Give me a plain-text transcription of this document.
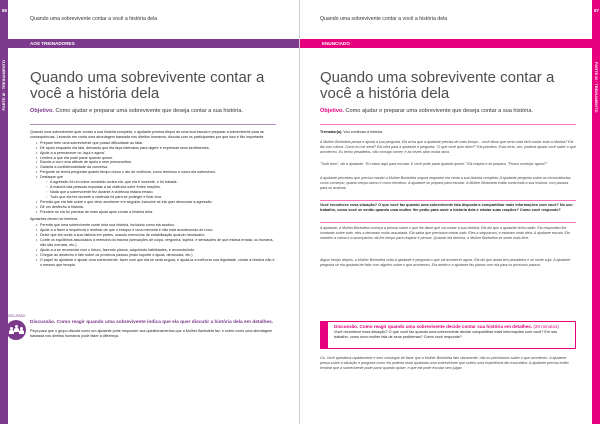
86
PARTE III · TREINAMENTO
Quando uma sobrevivente contar a você a história dela
AOS TREINADORES
Quando uma sobrevivente contar a você a história dela
Objetivo. Como ajudar e preparar uma sobrevivente que deseja contar a sua história.

Quando uma sobrevivente quer contar a sua história completa, o ajudante precisa dispor de uma boa escuta e preparar a sobrevivente para as consequências. Levando em conta uma abordagem baseada nos direitos humanos, discuta com os participantes por que isso é tão importante.

• Prepare bem uma sobrevivente que possui dificuldade ao falar.
• Dê apoio enquanto ela fala, deixando que ela faça intervalos para digerir e expressar seus sentimentos.
• Ajude-a a permanecer no 'aqui e agora'.
• Lembre-a que ela pode parar quando quiser.
• Escute-a com uma atitude de apoio e sem preconceitos.
• Garanta a confidencialidade da conversa.
• Pergunte se tem/a perguntar quanto tempo durou o ato de violência, como terminou e como ela sobreviveu.
• Destaque que
◦ A agressão foi um crime cometido contra ela, que ela é inocente, e foi tratada.
◦ A maioria das pessoas expostas a tal violência sofre fortes reações.
◦ Nada que a sobrevivente fez durante a violência estava errado.
◦ Tudo que ela fez durante a violência foi para se proteger e ficar viva.
• Permita que ela fale sobre o que deve acontecer em seguida, inclusive se ela quer denunciar a agressão.
• Dê um desfecho à história.
• Pondere se ela foi precisar de mais ajuda após contar a história dela.

Ajudantes devem se lembrar:

• Permita que uma sobrevivente conte toda sua história, incluindo como ela acabou.
• Ajude-a a fazer a sequência e lembrar de que o estupro é uma memória e não está acontecendo de novo.
• Deixe que ela conte a sua história em partes, usando exercícios de estabilização quando necessário.
• Conte os equilíbrios associados à memória do trauma (sensações de culpa, vergonha, sujeira, e sensações de que estava errada, ou humana, não são normais, etc.).
• Ajude-a a se reconectar com o futuro, fazendo planos, adquirindo habilidades, e reconstruindo.
• Chegue ao desfecho e fale sobre os próximos passos (mais suporte e ajuda, denúncias, etc.).
• O papel do ajudante é ajudar uma sobrevivente, fazer com que ela se sinta segura, e ajudá-la a melhorar sua dignidade, contar a história não é o mesmo que terapia.
DISCUSSÃO
Discussão. Como reagir quando uma sobrevivente indica que ela quer discutir a história dela em detalhes.
Peça para que o grupo discuta como um ajudante pode responder aos questionamentos que a Mulher Barboleta faz, e sobre como uma abordagem baseada nos direitos humanos pode fazer a diferença.
87
PARTE III · TREINAMENTO
Quando uma sobrevivente contar a você a história dela
ENUNCIADO
Quando uma sobrevivente contar a você a história dela
Objetivo. Como ajudar e preparar uma sobrevivente que deseja contar a sua história.

Treinador(a). Vou continuar a história.

A Mulher Borboleta pensa e ajusta a sua pergunta. Ela acha que a ajudante precisa de mais tempo... você disse que seria mais fácil contar toda a história? Ela diz com calma. Como eu me senti? Ela olha para a ajudante e pergunta: "O que você quer dizer?" Ela pondera. Está certo, sim, poderia ajudar você saber o que aconteceu. Eu tenho pesadelos, não consigo comer, e às vezes sinto muita raiva.
"Tudo bem", diz a ajudante. "Eu estou aqui para escutar. E você pode parar quando quiser." Ela respira e se prepara. "Posso começar agora?"
A ajudante percebeu que precisa manter a Mulher Borboleta segura enquanto ela conta a sua história completa. A ajudante pergunta sobre as circunstâncias, como começou, quanto tempo durou e como terminou. A ajudante se prepara para escutar. A Mulher Borboleta então conta toda a sua história, com pausas para se acalmar.
Você reconhece essa situação? O que você faz quando uma sobrevivente fala disposta a compartilhar mais informações com você? No seu trabalho, como você se sentiu quando uma mulher lhe pediu para ouvir a história dela e relatar suas reações? Como você responde?
A ajudante, a Mulher Borboleta começa a pensar sobre o que lhe disse que vai contar a sua história. Ela diz que a ajudante tinha razão. Ela respondeu lhe contando sobre tudo, eles a deixaram muito assustada. Ela sabia que precisava contar tudo. Eles a seguraram, e estavam rindo dela. A ajudante escuta. Ela mantém a calma e a acompanha, dá-lhe tempo para respirar e pensar. Quando ela termina, a Mulher Borboleta se sente mais leve.
Algum tempo depois, a Mulher Borboleta volta à ajudante e pergunta o que vai acontecer agora. Ela diz que ainda tem pesadelos e se sente suja. A ajudante pergunta se ela gostaria de falar com alguém sobre o que aconteceu. Ela aceita e a ajudante faz planos com ela para os próximos passos.
Discussão. Como reagir quando uma sobrevivente decide contar sua história em detalhes. (20 minutos)
Você reconhece essa situação? O que você faz quando uma sobrevivente decide compartilhar mais informações com você? Em seu trabalho, como uma mulher fala de seus problemas? Como você responde?
Ou, Você questiona rapidamente e sem conseguir de fazer que a Mulher Borboleta fale claramente, não só precisamos saber o que aconteceu. A ajudante pensa sobre a situação e pergunta como ela poderia estar ajudando uma sobrevivente que sofreu uma experiência tão traumática. A ajudante precisa então lembrar que a sobrevivente pode parar quando quiser, e que ela pode escutar sem julgar.
